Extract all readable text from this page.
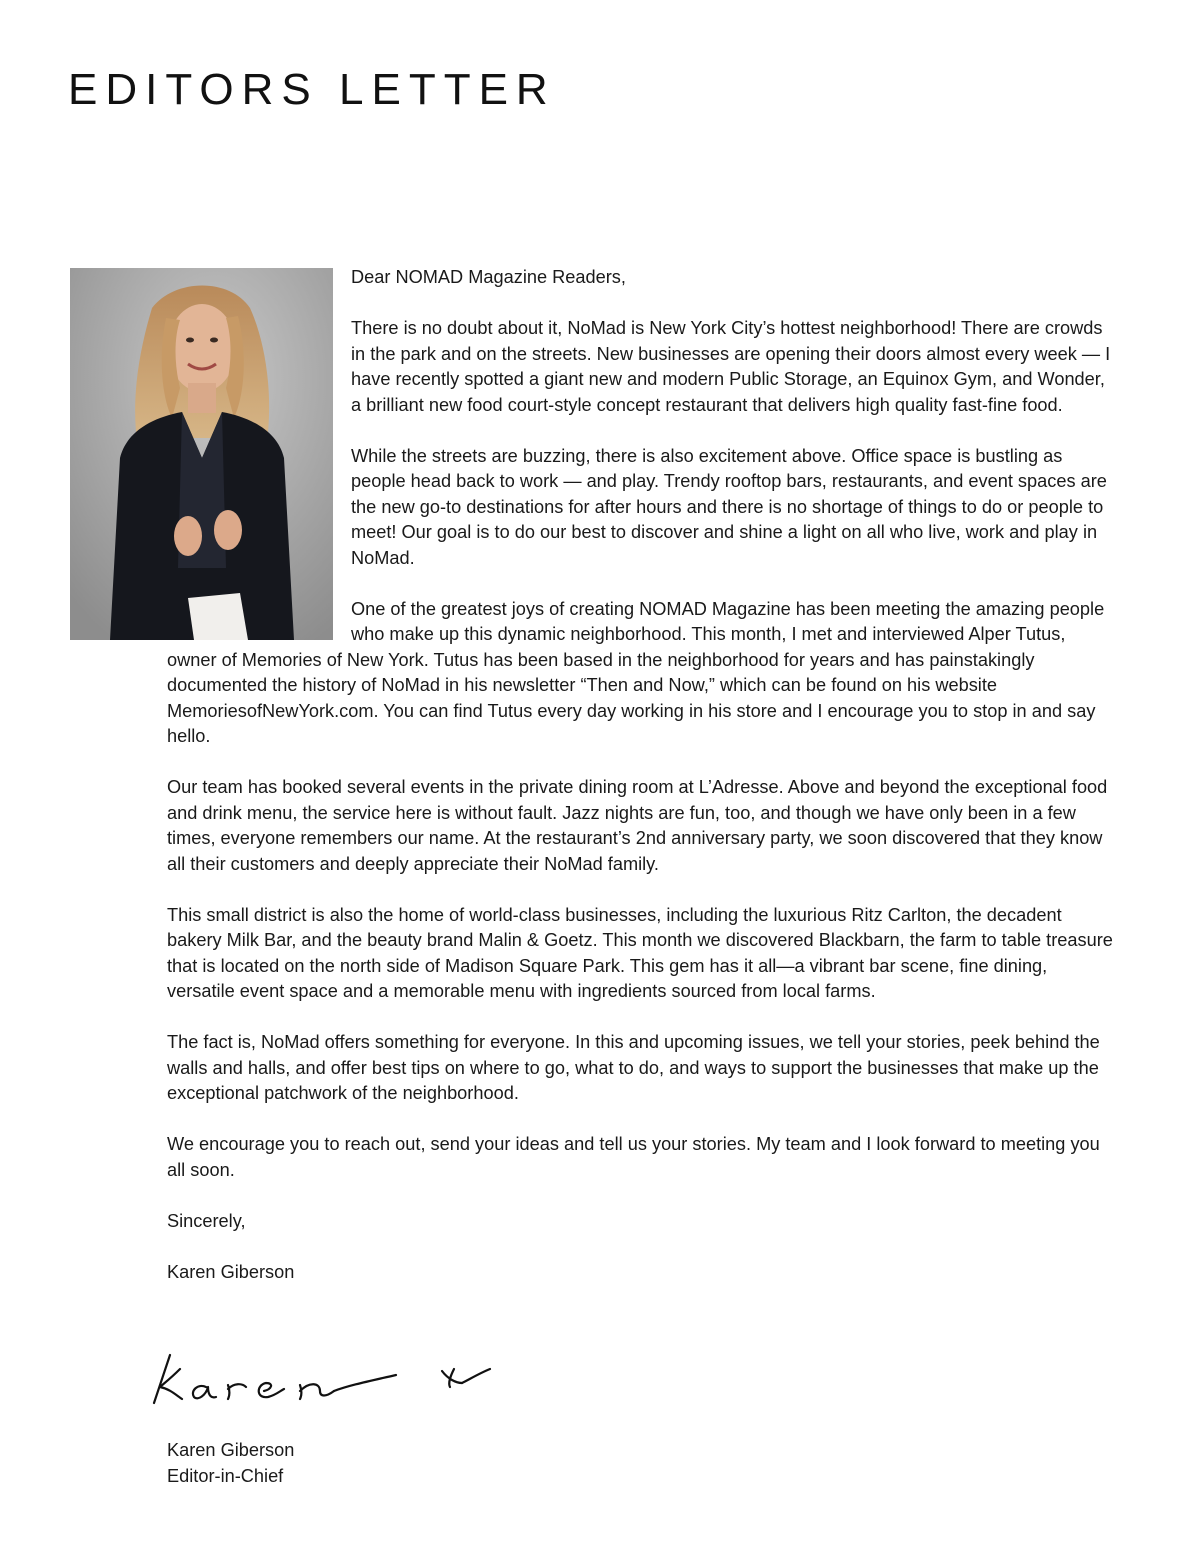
EDITORS LETTER

Dear NOMAD Magazine Readers,

There is no doubt about it, NoMad is New York City’s hottest neighborhood! There are crowds in the park and on the streets. New businesses are opening their doors almost every week — I have recently spotted a giant new and modern Public Storage, an Equinox Gym, and Wonder, a brilliant new food court-style concept restaurant that delivers high quality fast-fine food.

While the streets are buzzing, there is also excitement above. Office space is bustling as people head back to work — and play. Trendy rooftop bars, restaurants, and event spaces are the new go-to destinations for after hours and there is no shortage of things to do or people to meet! Our goal is to do our best to discover and shine a light on all who live, work and play in NoMad.

One of the greatest joys of creating NOMAD Magazine has been meeting the amazing people who make up this dynamic neighborhood. This month, I met and interviewed Alper Tutus, owner of Memories of New York. Tutus has been based in the neighborhood for years and has painstakingly documented the history of NoMad in his newsletter “Then and Now,” which can be found on his website MemoriesofNewYork.com. You can find Tutus every day working in his store and I encourage you to stop in and say hello.

Our team has booked several events in the private dining room at L’Adresse. Above and beyond the exceptional food and drink menu, the service here is without fault. Jazz nights are fun, too, and though we have only been in a few times, everyone remembers our name. At the restaurant’s 2nd anniversary party, we soon discovered that they know all their customers and deeply appreciate their NoMad family.

This small district is also the home of world-class businesses, including the luxurious Ritz Carlton, the decadent bakery Milk Bar, and the beauty brand Malin & Goetz. This month we discovered Blackbarn, the farm to table treasure that is located on the north side of Madison Square Park. This gem has it all—a vibrant bar scene, fine dining, versatile event space and a memorable menu with ingredients sourced from local farms.

The fact is, NoMad offers something for everyone. In this and upcoming issues, we tell your stories, peek behind the walls and halls, and offer best tips on where to go, what to do, and ways to support the businesses that make up the exceptional patchwork of the neighborhood.

We encourage you to reach out, send your ideas and tell us your stories. My team and I look forward to meeting you all soon.

Sincerely,

Karen Giberson

Karen Giberson
Editor-in-Chief
